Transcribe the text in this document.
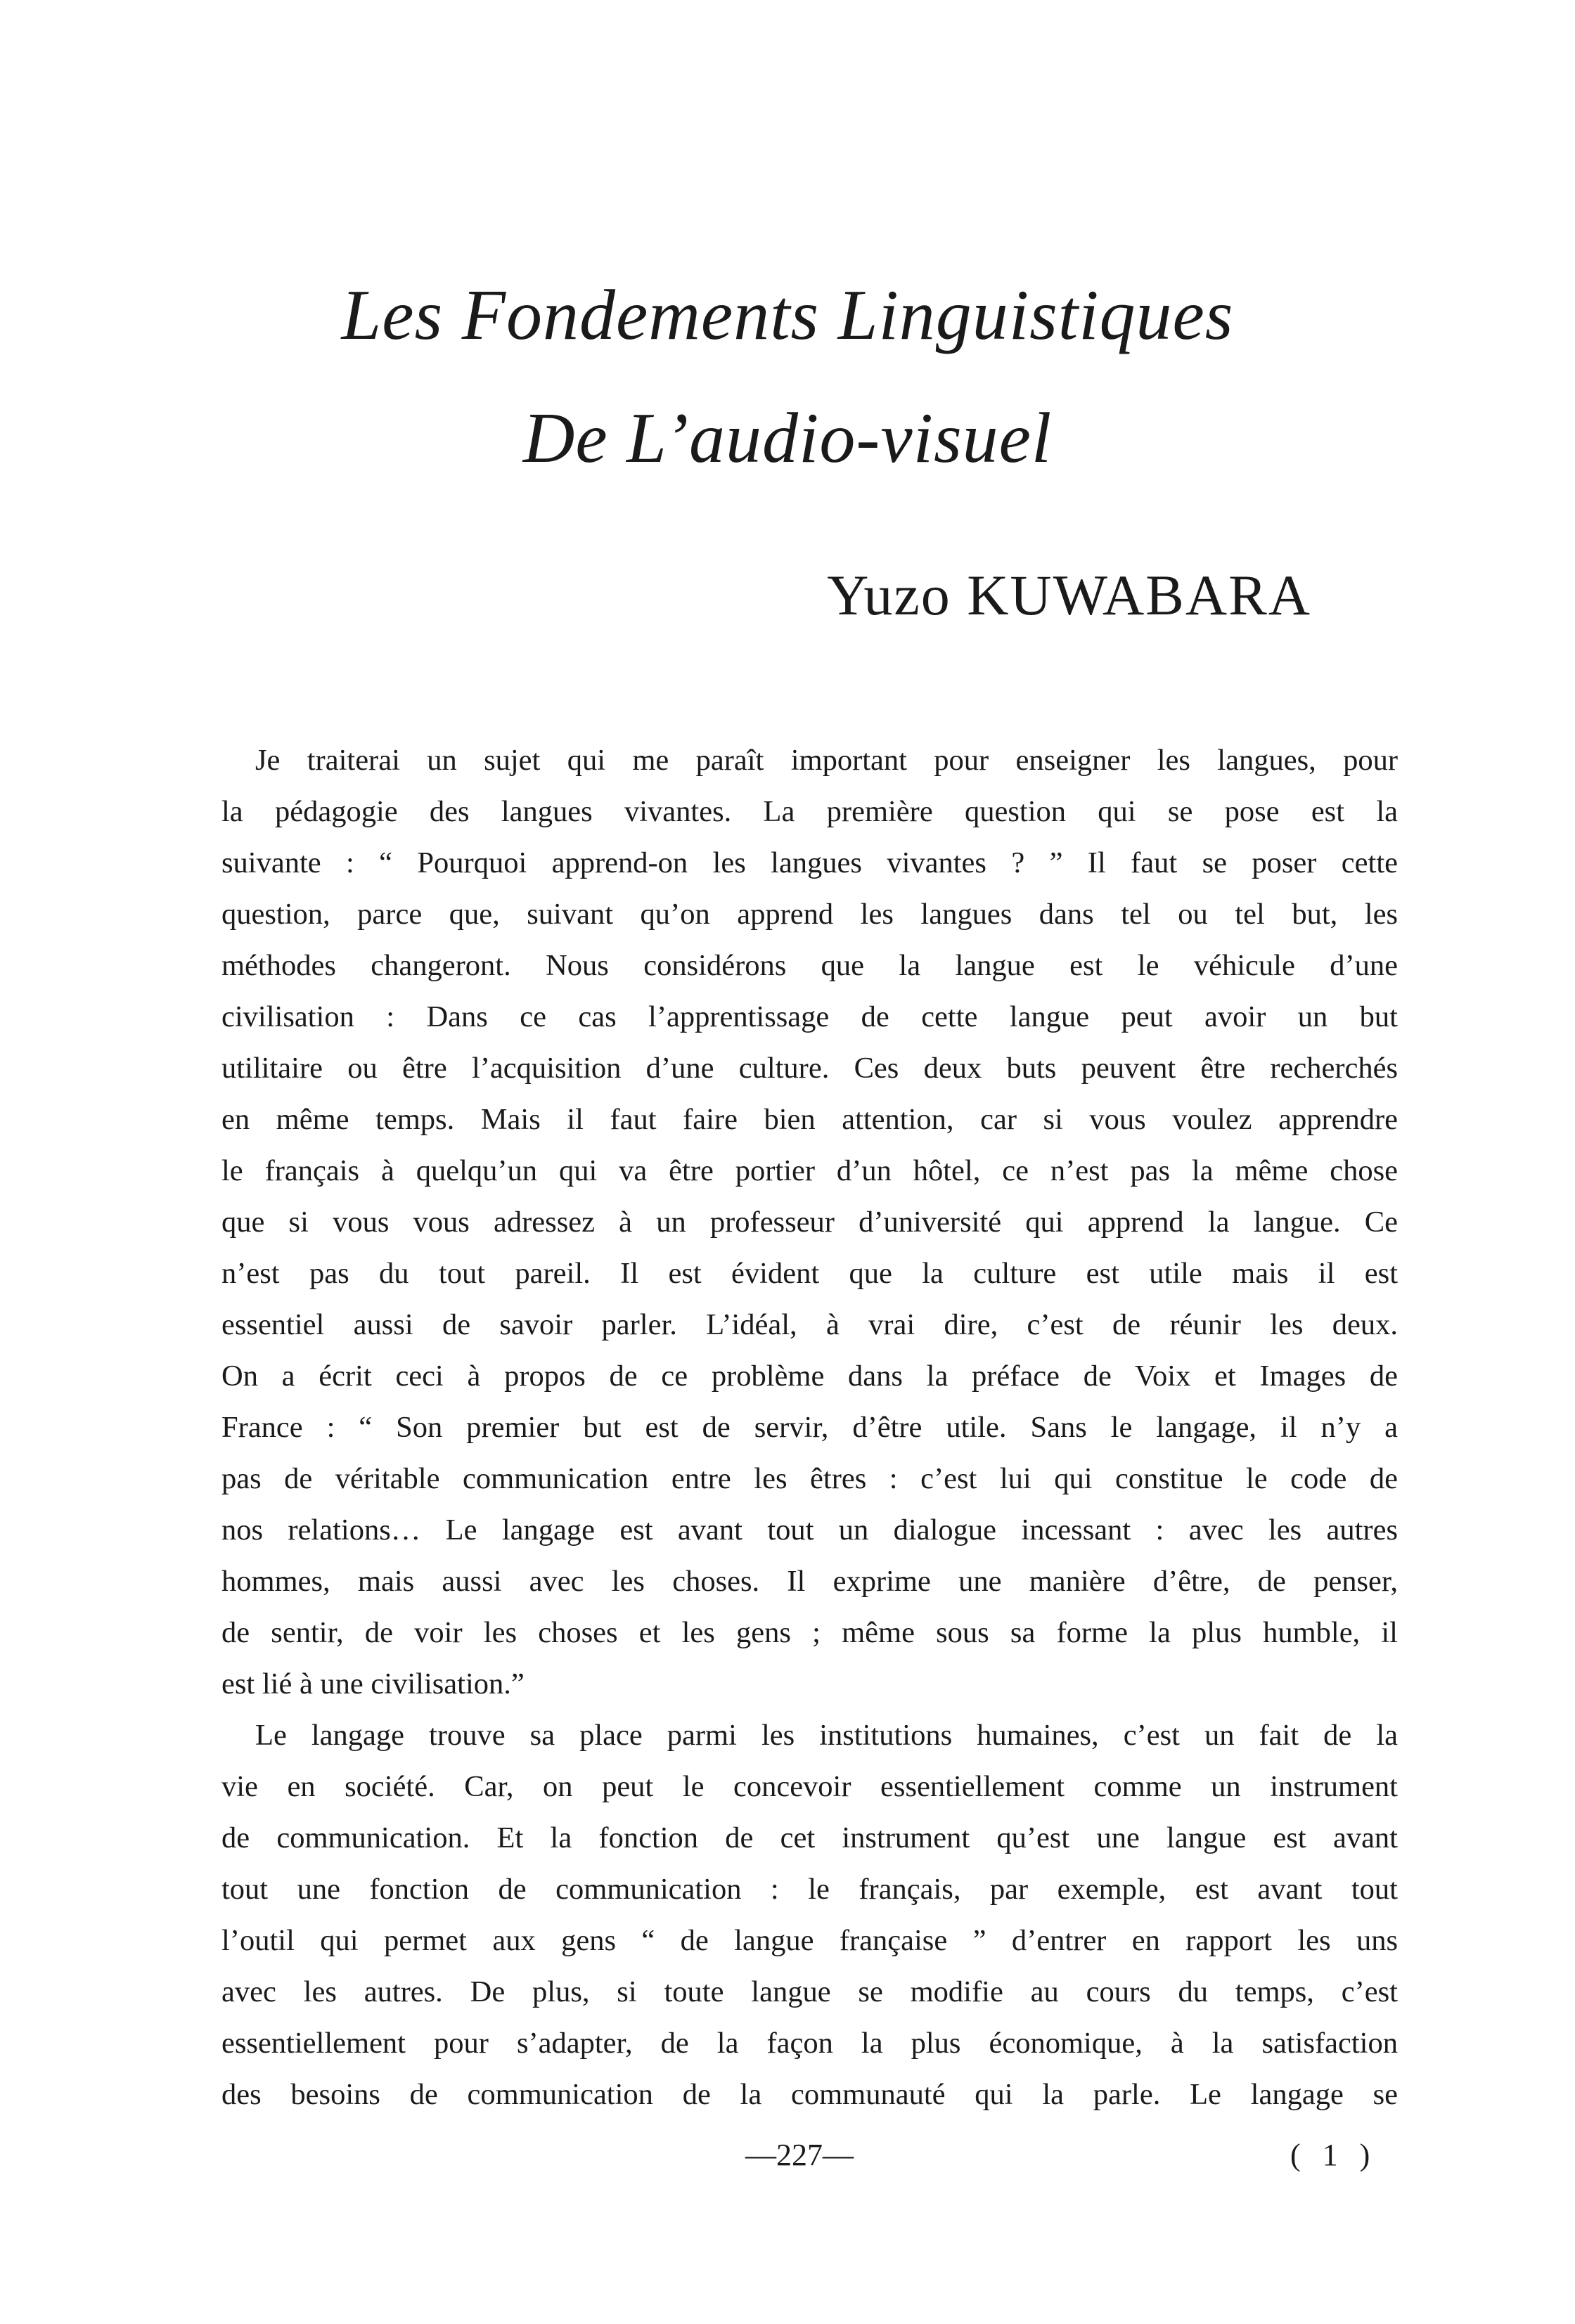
Les Fondements Linguistiques
De L’audio-visuel
Yuzo KUWABARA
Je traiterai un sujet qui me paraît important pour enseigner les langues, pour
la pédagogie des langues vivantes. La première question qui se pose est la
suivante : “ Pourquoi apprend-on les langues vivantes ? ” Il faut se poser cette
question, parce que, suivant qu’on apprend les langues dans tel ou tel but, les
méthodes changeront. Nous considérons que la langue est le véhicule d’une
civilisation : Dans ce cas l’apprentissage de cette langue peut avoir un but
utilitaire ou être l’acquisition d’une culture. Ces deux buts peuvent être recherchés
en même temps. Mais il faut faire bien attention, car si vous voulez apprendre
le français à quelqu’un qui va être portier d’un hôtel, ce n’est pas la même chose
que si vous vous adressez à un professeur d’université qui apprend la langue. Ce
n’est pas du tout pareil. Il est évident que la culture est utile mais il est
essentiel aussi de savoir parler. L’idéal, à vrai dire, c’est de réunir les deux.
On a écrit ceci à propos de ce problème dans la préface de Voix et Images de
France : “ Son premier but est de servir, d’être utile. Sans le langage, il n’y a
pas de véritable communication entre les êtres : c’est lui qui constitue le code de
nos relations… Le langage est avant tout un dialogue incessant : avec les autres
hommes, mais aussi avec les choses. Il exprime une manière d’être, de penser,
de sentir, de voir les choses et les gens ; même sous sa forme la plus humble, il
est lié à une civilisation.”
Le langage trouve sa place parmi les institutions humaines, c’est un fait de la
vie en société. Car, on peut le concevoir essentiellement comme un instrument
de communication. Et la fonction de cet instrument qu’est une langue est avant
tout une fonction de communication : le français, par exemple, est avant tout
l’outil qui permet aux gens “ de langue française ” d’entrer en rapport les uns
avec les autres. De plus, si toute langue se modifie au cours du temps, c’est
essentiellement pour s’adapter, de la façon la plus économique, à la satisfaction
des besoins de communication de la communauté qui la parle. Le langage se
—227—	( 1 )
